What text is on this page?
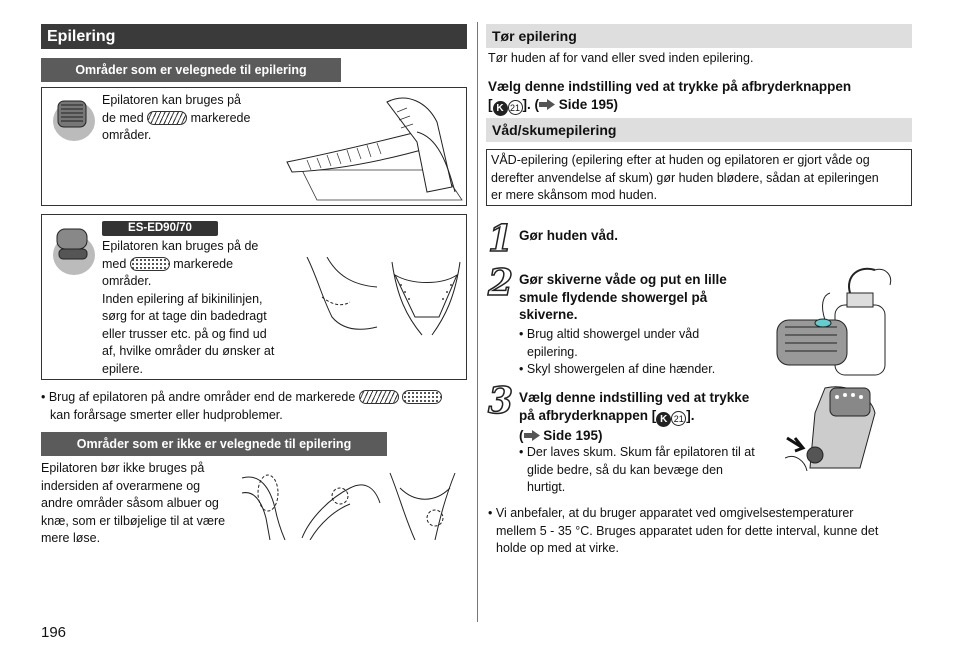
Epilering
Områder som er velegnede til epilering
Epilatoren kan bruges på
de med	markerede
områder.
ES-ED90/70
Epilatoren kan bruges på de
med	markerede
områder.
Inden epilering af bikinilinjen,
sørg for at tage din badedragt
eller trusser etc. på og find ud
af, hvilke områder du ønsker at
epilere.
• Brug af epilatoren på andre områder end de markerede
kan forårsage smerter eller hudproblemer.
Områder som er ikke er velegnede til epilering
Epilatoren bør ikke bruges på
indersiden af overarmene og
andre områder såsom albuer og
knæ, som er tilbøjelige til at være
mere løse.
196
Tør epilering
Tør huden af for vand eller sved inden epilering.
Vælg denne indstilling ved at trykke på afbryderknappen
[ K 21 ]. ( Side 195)
Våd/skumepilering
VÅD-epilering (epilering efter at huden og epilatoren er gjort våde og
derefter anvendelse af skum) gør huden blødere, sådan at epileringen
er mere skånsom mod huden.
1 Gør huden våd.
2 Gør skiverne våde og put en lille
smule flydende showergel på
skiverne.
• Brug altid showergel under våd
epilering.
• Skyl showergelen af dine hænder.
3 Vælg denne indstilling ved at trykke
på afbryderknappen [ K 21 ].
( Side 195)
• Der laves skum. Skum får epilatoren til at
glide bedre, så du kan bevæge den
hurtigt.
• Vi anbefaler, at du bruger apparatet ved omgivelsestemperaturer
mellem 5 - 35 °C. Bruges apparatet uden for dette interval, kunne det
holde op med at virke.
